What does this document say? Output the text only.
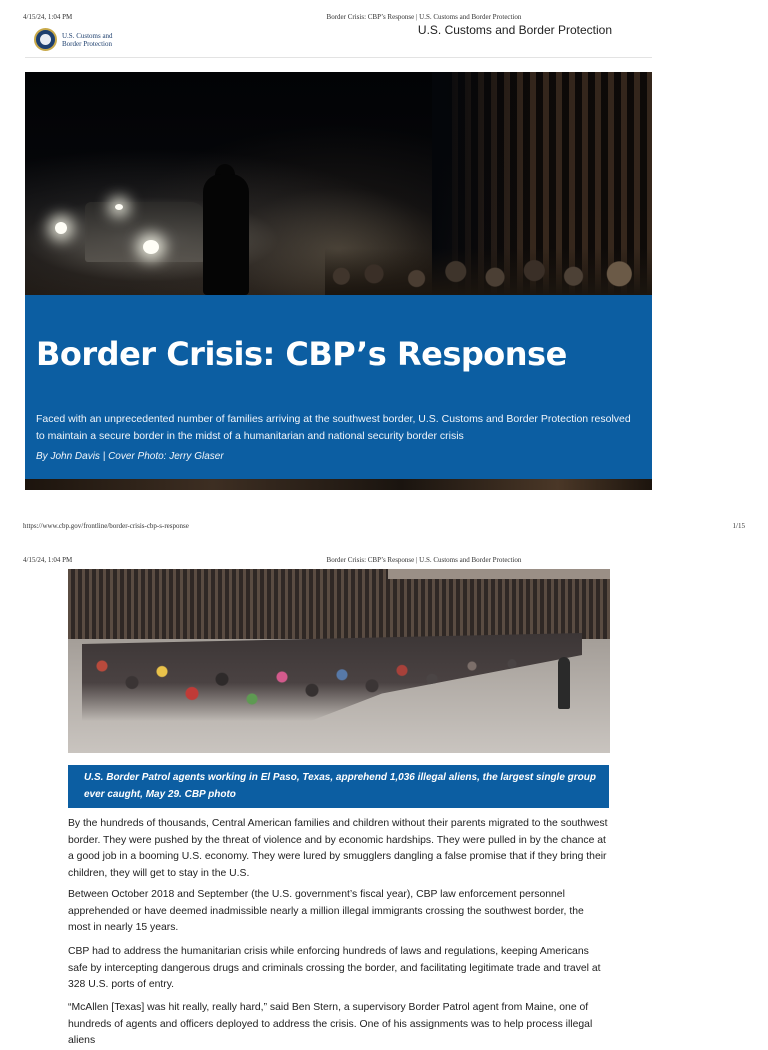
4/15/24, 1:04 PM	Border Crisis: CBP’s Response | U.S. Customs and Border Protection
U.S. Customs and
Border Protection
U.S. Customs and Border Protection
Border Crisis: CBP’s Response

Faced with an unprecedented number of families arriving at the southwest border, U.S. Customs and Border Protection resolved to maintain a secure border in the midst of a humanitarian and national security border crisis

By John Davis | Cover Photo: Jerry Glaser

https://www.cbp.gov/frontline/border-crisis-cbp-s-response	1/15
4/15/24, 1:04 PM	Border Crisis: CBP’s Response | U.S. Customs and Border Protection

U.S. Border Patrol agents working in El Paso, Texas, apprehend 1,036 illegal aliens, the largest single group ever caught, May 29. CBP photo

By the hundreds of thousands, Central American families and children without their parents migrated to the southwest border. They were pushed by the threat of violence and by economic hardships. They were pulled in by the chance at a good job in a booming U.S. economy. They were lured by smugglers dangling a false promise that if they bring their children, they will get to stay in the U.S.

Between October 2018 and September (the U.S. government’s fiscal year), CBP law enforcement personnel apprehended or have deemed inadmissible nearly a million illegal immigrants crossing the southwest border, the most in nearly 15 years.

CBP had to address the humanitarian crisis while enforcing hundreds of laws and regulations, keeping Americans safe by intercepting dangerous drugs and criminals crossing the border, and facilitating legitimate trade and travel at 328 U.S. ports of entry.

“McAllen [Texas] was hit really, really hard,” said Ben Stern, a supervisory Border Patrol agent from Maine, one of hundreds of agents and officers deployed to address the crisis. One of his assignments was to help process illegal aliens
